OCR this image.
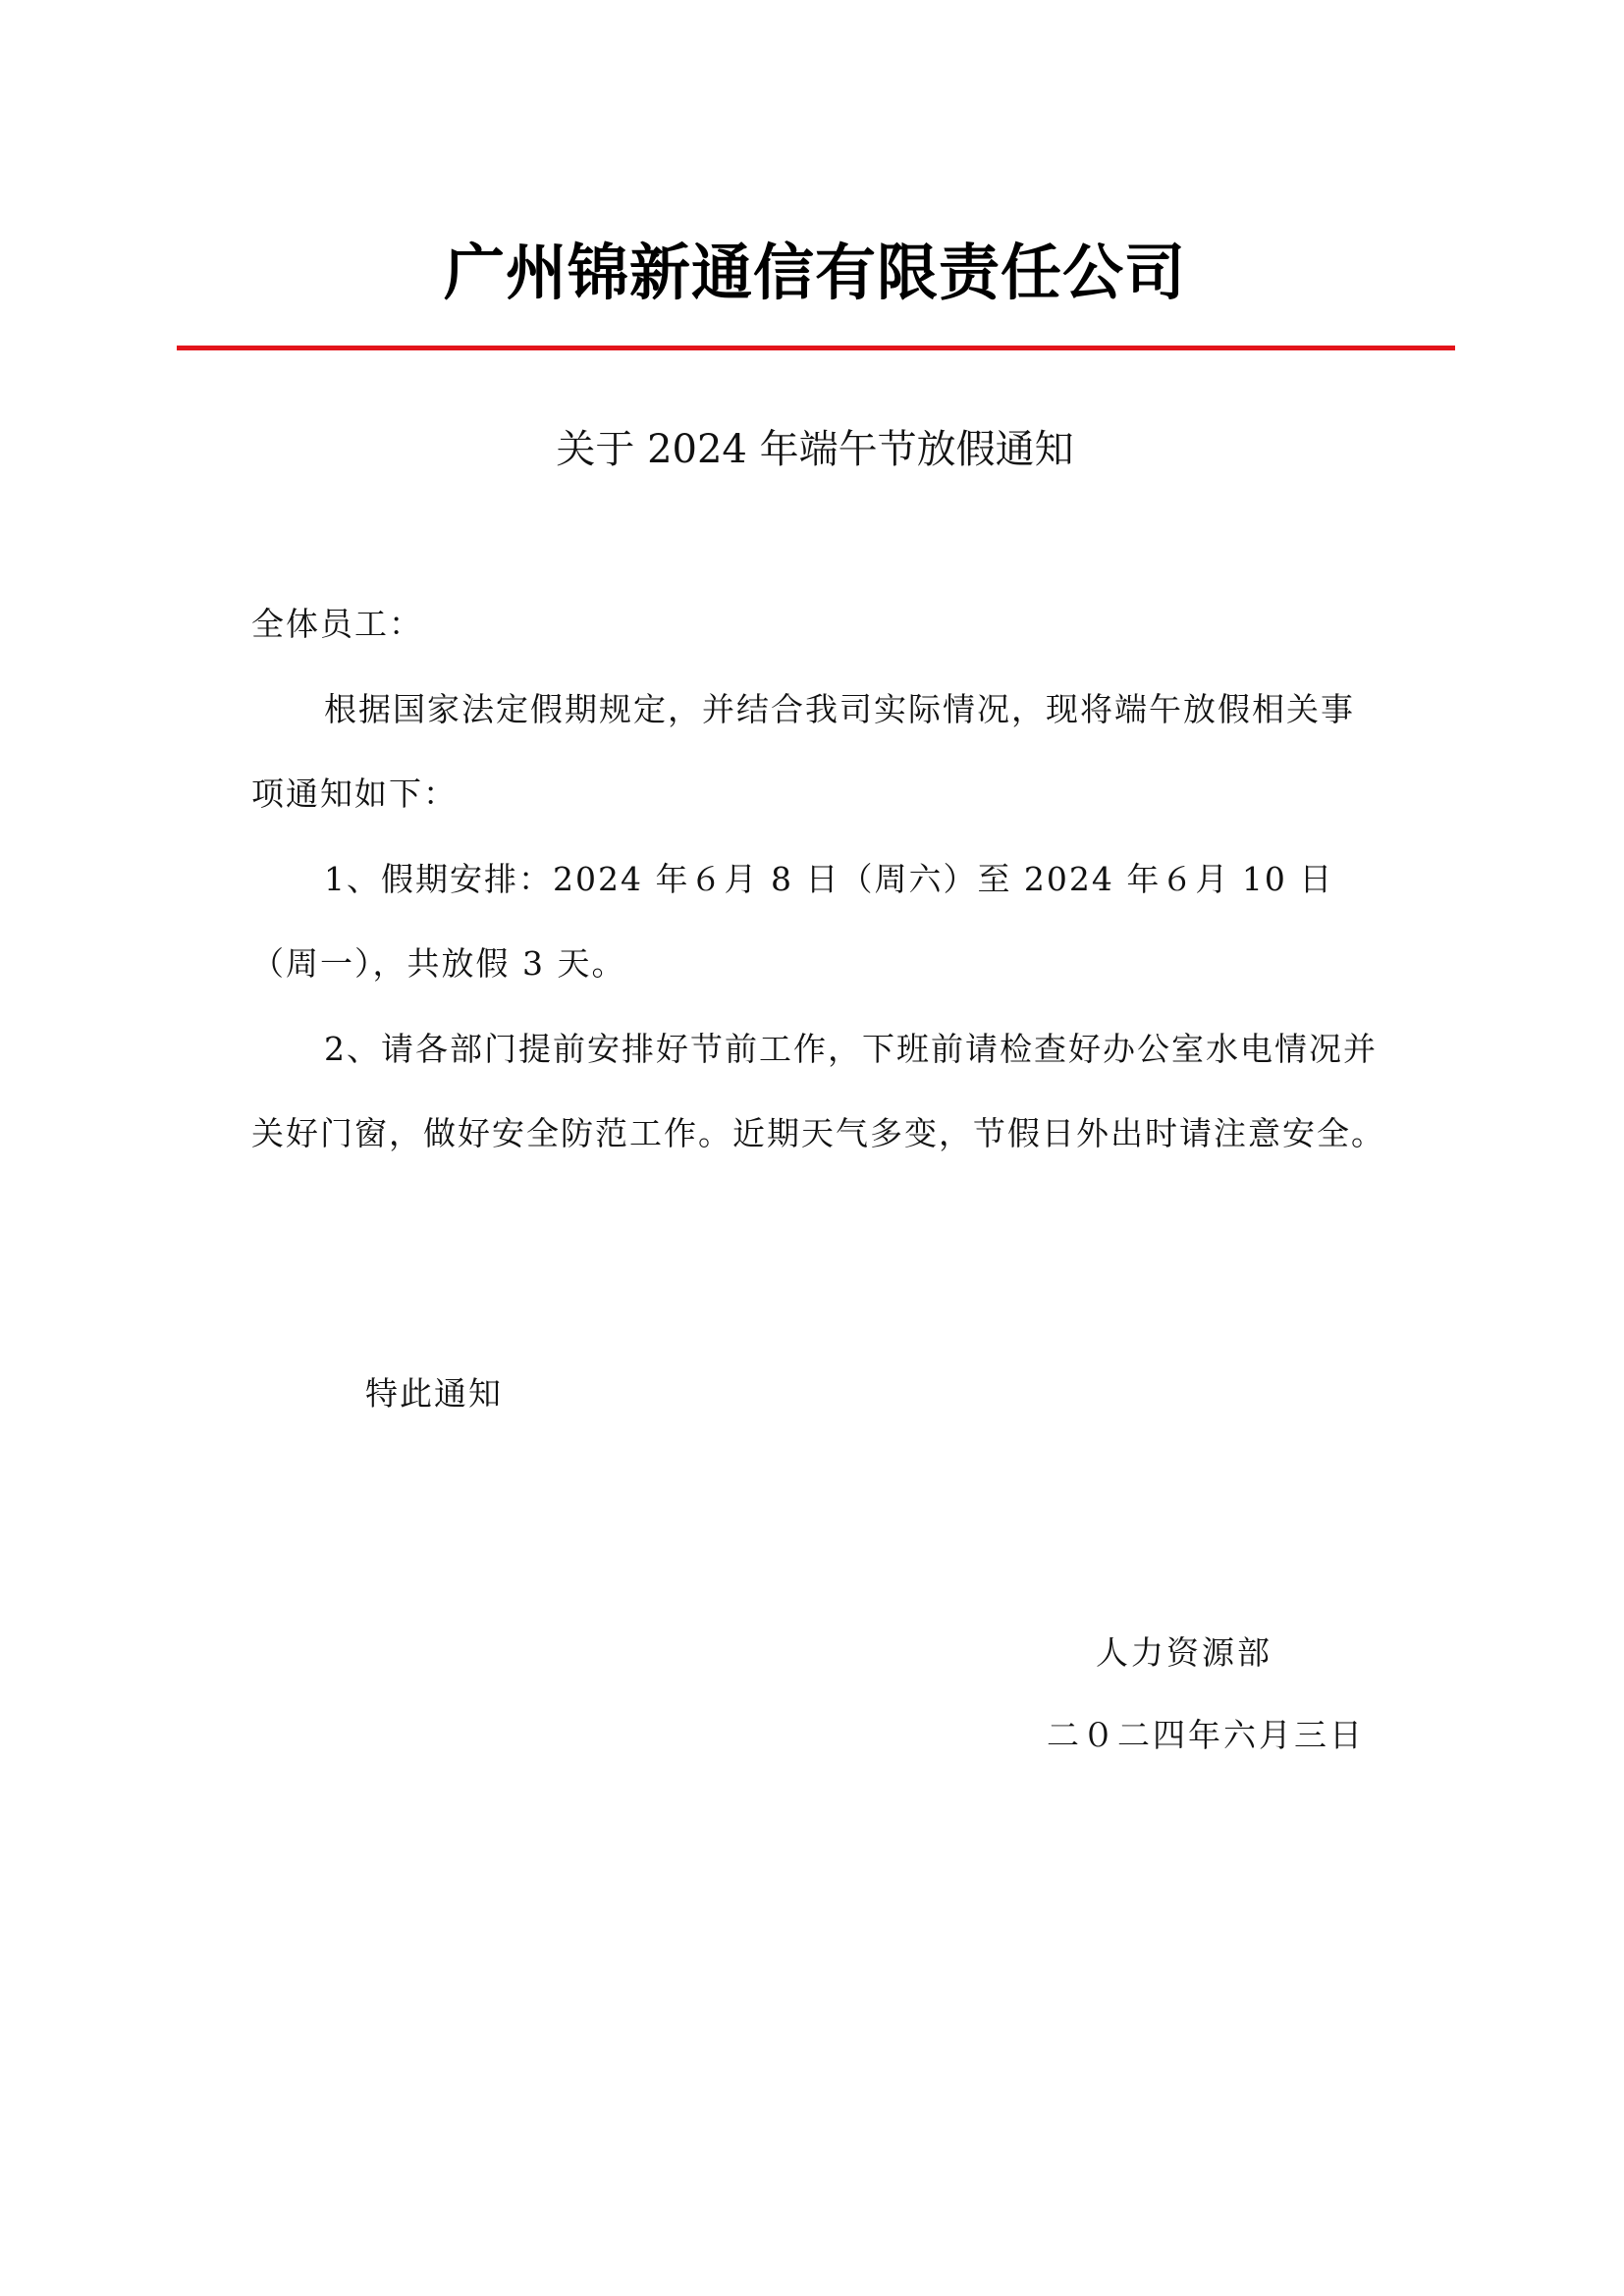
广州锦新通信有限责任公司
关于 2024 年端午节放假通知
全体员工：

根据国家法定假期规定，并结合我司实际情况，现将端午放假相关事项通知如下：

1、假期安排：2024 年６月 8 日（周六）至 2024 年６月 10 日（周一），共放假 3 天。

2、请各部门提前安排好节前工作，下班前请检查好办公室水电情况并关好门窗，做好安全防范工作。近期天气多变，节假日外出时请注意安全。

特此通知
人力资源部
二０二四年六月三日
